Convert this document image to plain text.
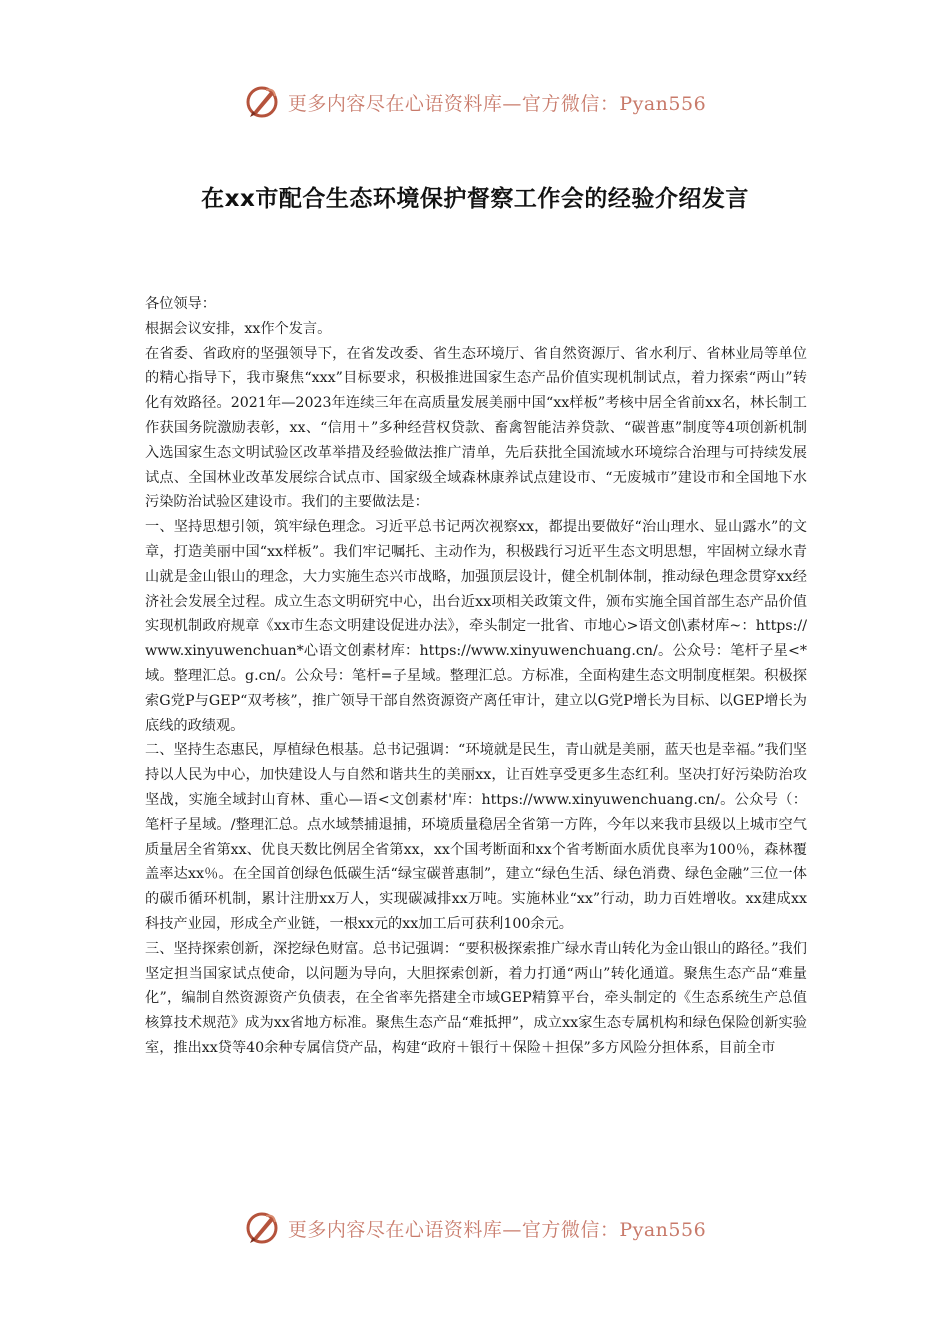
更多内容尽在心语资料库—官方微信：Pyan556
在xx市配合生态环境保护督察工作会的经验介绍发言

各位领导：

根据会议安排，xx作个发言。

在省委、省政府的坚强领导下，在省发改委、省生态环境厅、省自然资源厅、省水利厅、省林业局等单位的精心指导下，我市聚焦“xxx”目标要求，积极推进国家生态产品价值实现机制试点，着力探索“两山”转化有效路径。2021年—2023年连续三年在高质量发展美丽中国“xx样板”考核中居全省前xx名，林长制工作获国务院激励表彰，xx、“信用＋”多种经营权贷款、畜禽智能洁养贷款、“碳普惠”制度等4项创新机制入选国家生态文明试验区改革举措及经验做法推广清单，先后获批全国流域水环境综合治理与可持续发展试点、全国林业改革发展综合试点市、国家级全域森林康养试点建设市、“无废城市”建设市和全国地下水污染防治试验区建设市。我们的主要做法是：

一、坚持思想引领，筑牢绿色理念。习近平总书记两次视察xx，都提出要做好“治山理水、显山露水”的文章，打造美丽中国“xx样板”。我们牢记嘱托、主动作为，积极践行习近平生态文明思想，牢固树立绿水青山就是金山银山的理念，大力实施生态兴市战略，加强顶层设计，健全机制体制，推动绿色理念贯穿xx经济社会发展全过程。成立生态文明研究中心，出台近xx项相关政策文件，颁布实施全国首部生态产品价值实现机制政府规章《xx市生态文明建设促进办法》，牵头制定一批省、市地心>语文创\素材库~：https://www.xinyuwenchuan*心语文创素材库：https://www.xinyuwenchuang.cn/。公众号：笔杆子星<*域。整理汇总。g.cn/。公众号：笔杆=子星域。整理汇总。方标准，全面构建生态文明制度框架。积极探索G党P与GEP“双考核”，推广领导干部自然资源资产离任审计，建立以G党P增长为目标、以GEP增长为底线的政绩观。

二、坚持生态惠民，厚植绿色根基。总书记强调：“环境就是民生，青山就是美丽，蓝天也是幸福。”我们坚持以人民为中心，加快建设人与自然和谐共生的美丽xx，让百姓享受更多生态红利。坚决打好污染防治攻坚战，实施全域封山育林、重心—语<文创素材'库：https://www.xinyuwenchuang.cn/。公众号（：笔杆子星域。/整理汇总。点水域禁捕退捕，环境质量稳居全省第一方阵，今年以来我市县级以上城市空气质量居全省第xx、优良天数比例居全省第xx，xx个国考断面和xx个省考断面水质优良率为100％，森林覆盖率达xx％。在全国首创绿色低碳生活“绿宝碳普惠制”，建立“绿色生活、绿色消费、绿色金融”三位一体的碳币循环机制，累计注册xx万人，实现碳减排xx万吨。实施林业“xx”行动，助力百姓增收。xx建成xx科技产业园，形成全产业链，一根xx元的xx加工后可获利100余元。

三、坚持探索创新，深挖绿色财富。总书记强调：“要积极探索推广绿水青山转化为金山银山的路径。”我们坚定担当国家试点使命，以问题为导向，大胆探索创新，着力打通“两山”转化通道。聚焦生态产品“难量化”，编制自然资源资产负债表，在全省率先搭建全市域GEP精算平台，牵头制定的《生态系统生产总值核算技术规范》成为xx省地方标准。聚焦生态产品“难抵押”，成立xx家生态专属机构和绿色保险创新实验室，推出xx贷等40余种专属信贷产品，构建“政府＋银行＋保险＋担保”多方风险分担体系，目前全市

更多内容尽在心语资料库—官方微信：Pyan556
